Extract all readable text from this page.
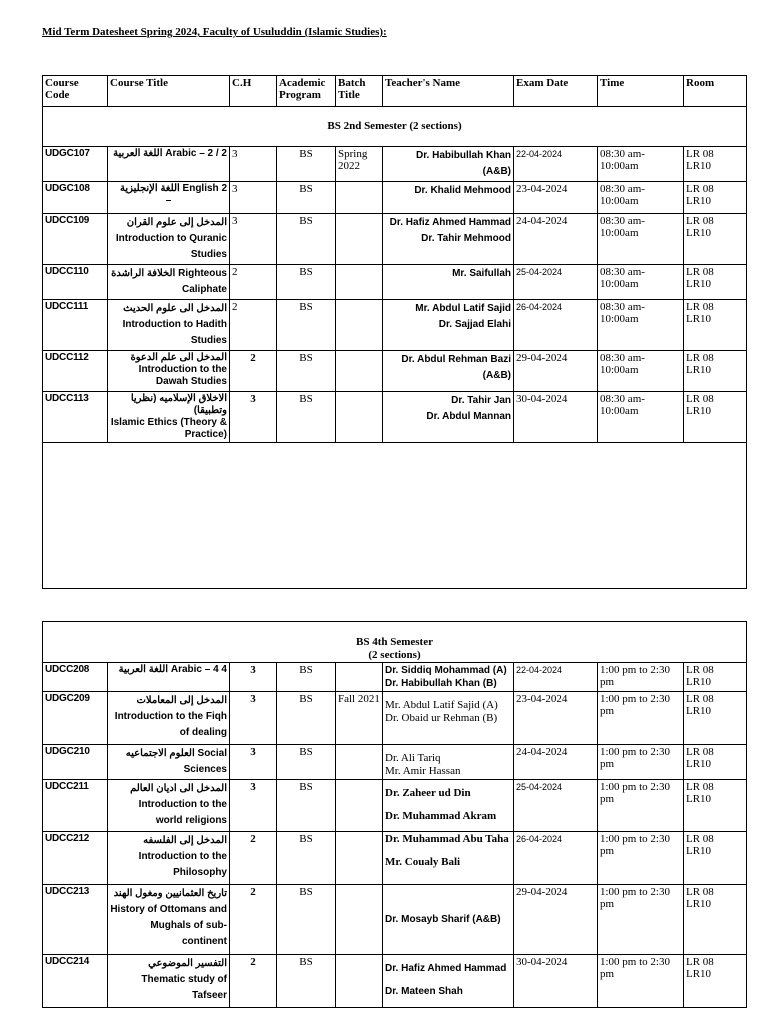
Mid Term Datesheet Spring 2024, Faculty of Usuluddin (Islamic Studies):
Course Code	Course Title	C.H	Academic Program	Batch Title	Teacher's Name	Exam Date	Time	Room
BS 2nd Semester (2 sections)								
UDGC107	اللغة العربية Arabic – 2 / 2	3	BS	Spring 2022	Dr. Habibullah Khan
(A&B)	22-04-2024	08:30 am-10:00am	LR 08
LR10

UDGC108	اللغة الإنجليزية English 2
–	3	BS		Dr. Khalid Mehmood	23-04-2024	08:30 am-10:00am	LR 08
LR10

UDCC109	المدخل إلى علوم القران
Introduction to Quranic Studies	3	BS		Dr. Hafiz Ahmed Hammad
Dr. Tahir Mehmood	24-04-2024	08:30 am-10:00am	LR 08
LR10

UDCC110	الخلافة الراشدة Righteous
Caliphate	2	BS		Mr. Saifullah	25-04-2024	08:30 am-10:00am	LR 08
LR10

UDCC111	المدخل الى علوم الحديث
Introduction to Hadith Studies	2	BS		Mr. Abdul Latif Sajid
Dr. Sajjad Elahi	26-04-2024	08:30 am-10:00am	LR 08
LR10

UDCC112	المدخل الى علم الدعوة
Introduction to the Dawah Studies	2	BS		Dr. Abdul Rehman Bazi
(A&B)	29-04-2024	08:30 am-10:00am	LR 08
LR10

UDCC113	الاخلاق الإسلاميه (نظريا وتطبيقا)
Islamic Ethics (Theory & Practice)	3	BS		Dr. Tahir Jan
Dr. Abdul Mannan	30-04-2024	08:30 am-10:00am	LR 08
LR10

BS 4th Semester
(2 sections)								

UDCC208	اللغة العربية Arabic – 4 4	3	BS		Dr. Siddiq Mohammad (A)
Dr. Habibullah Khan (B)	22-04-2024	1:00 pm to 2:30 pm	LR 08
LR10

UDGC209	المدخل إلى المعاملات
Introduction to the Fiqh of dealing	3	BS	Fall 2021	Mr. Abdul Latif Sajid (A)
Dr. Obaid ur Rehman (B)	23-04-2024	1:00 pm to 2:30 pm	LR 08
LR10

UDGC210	العلوم الاجتماعيه Social
Sciences	3	BS		Dr. Ali Tariq
Mr. Amir Hassan	24-04-2024	1:00 pm to 2:30 pm	LR 08
LR10

UDCC211	المدخل الى اديان العالم
Introduction to the world religions	3	BS		Dr. Zaheer ud Din
Dr. Muhammad Akram	25-04-2024	1:00 pm to 2:30 pm	LR 08
LR10

UDCC212	المدخل إلى الفلسفه
Introduction to the Philosophy	2	BS		Dr. Muhammad Abu Taha
Mr. Coualy Bali	26-04-2024	1:00 pm to 2:30 pm	LR 08
LR10

UDCC213	تاريخ العثمانيين ومغول الهند
History of Ottomans and Mughals of sub-continent	2	BS		Dr. Mosayb Sharif (A&B)	29-04-2024	1:00 pm to 2:30 pm	LR 08
LR10

UDCC214	التفسير الموضوعي
Thematic study of Tafseer	2	BS		Dr. Hafiz Ahmed Hammad
Dr. Mateen Shah	30-04-2024	1:00 pm to 2:30 pm	LR 08
LR10
